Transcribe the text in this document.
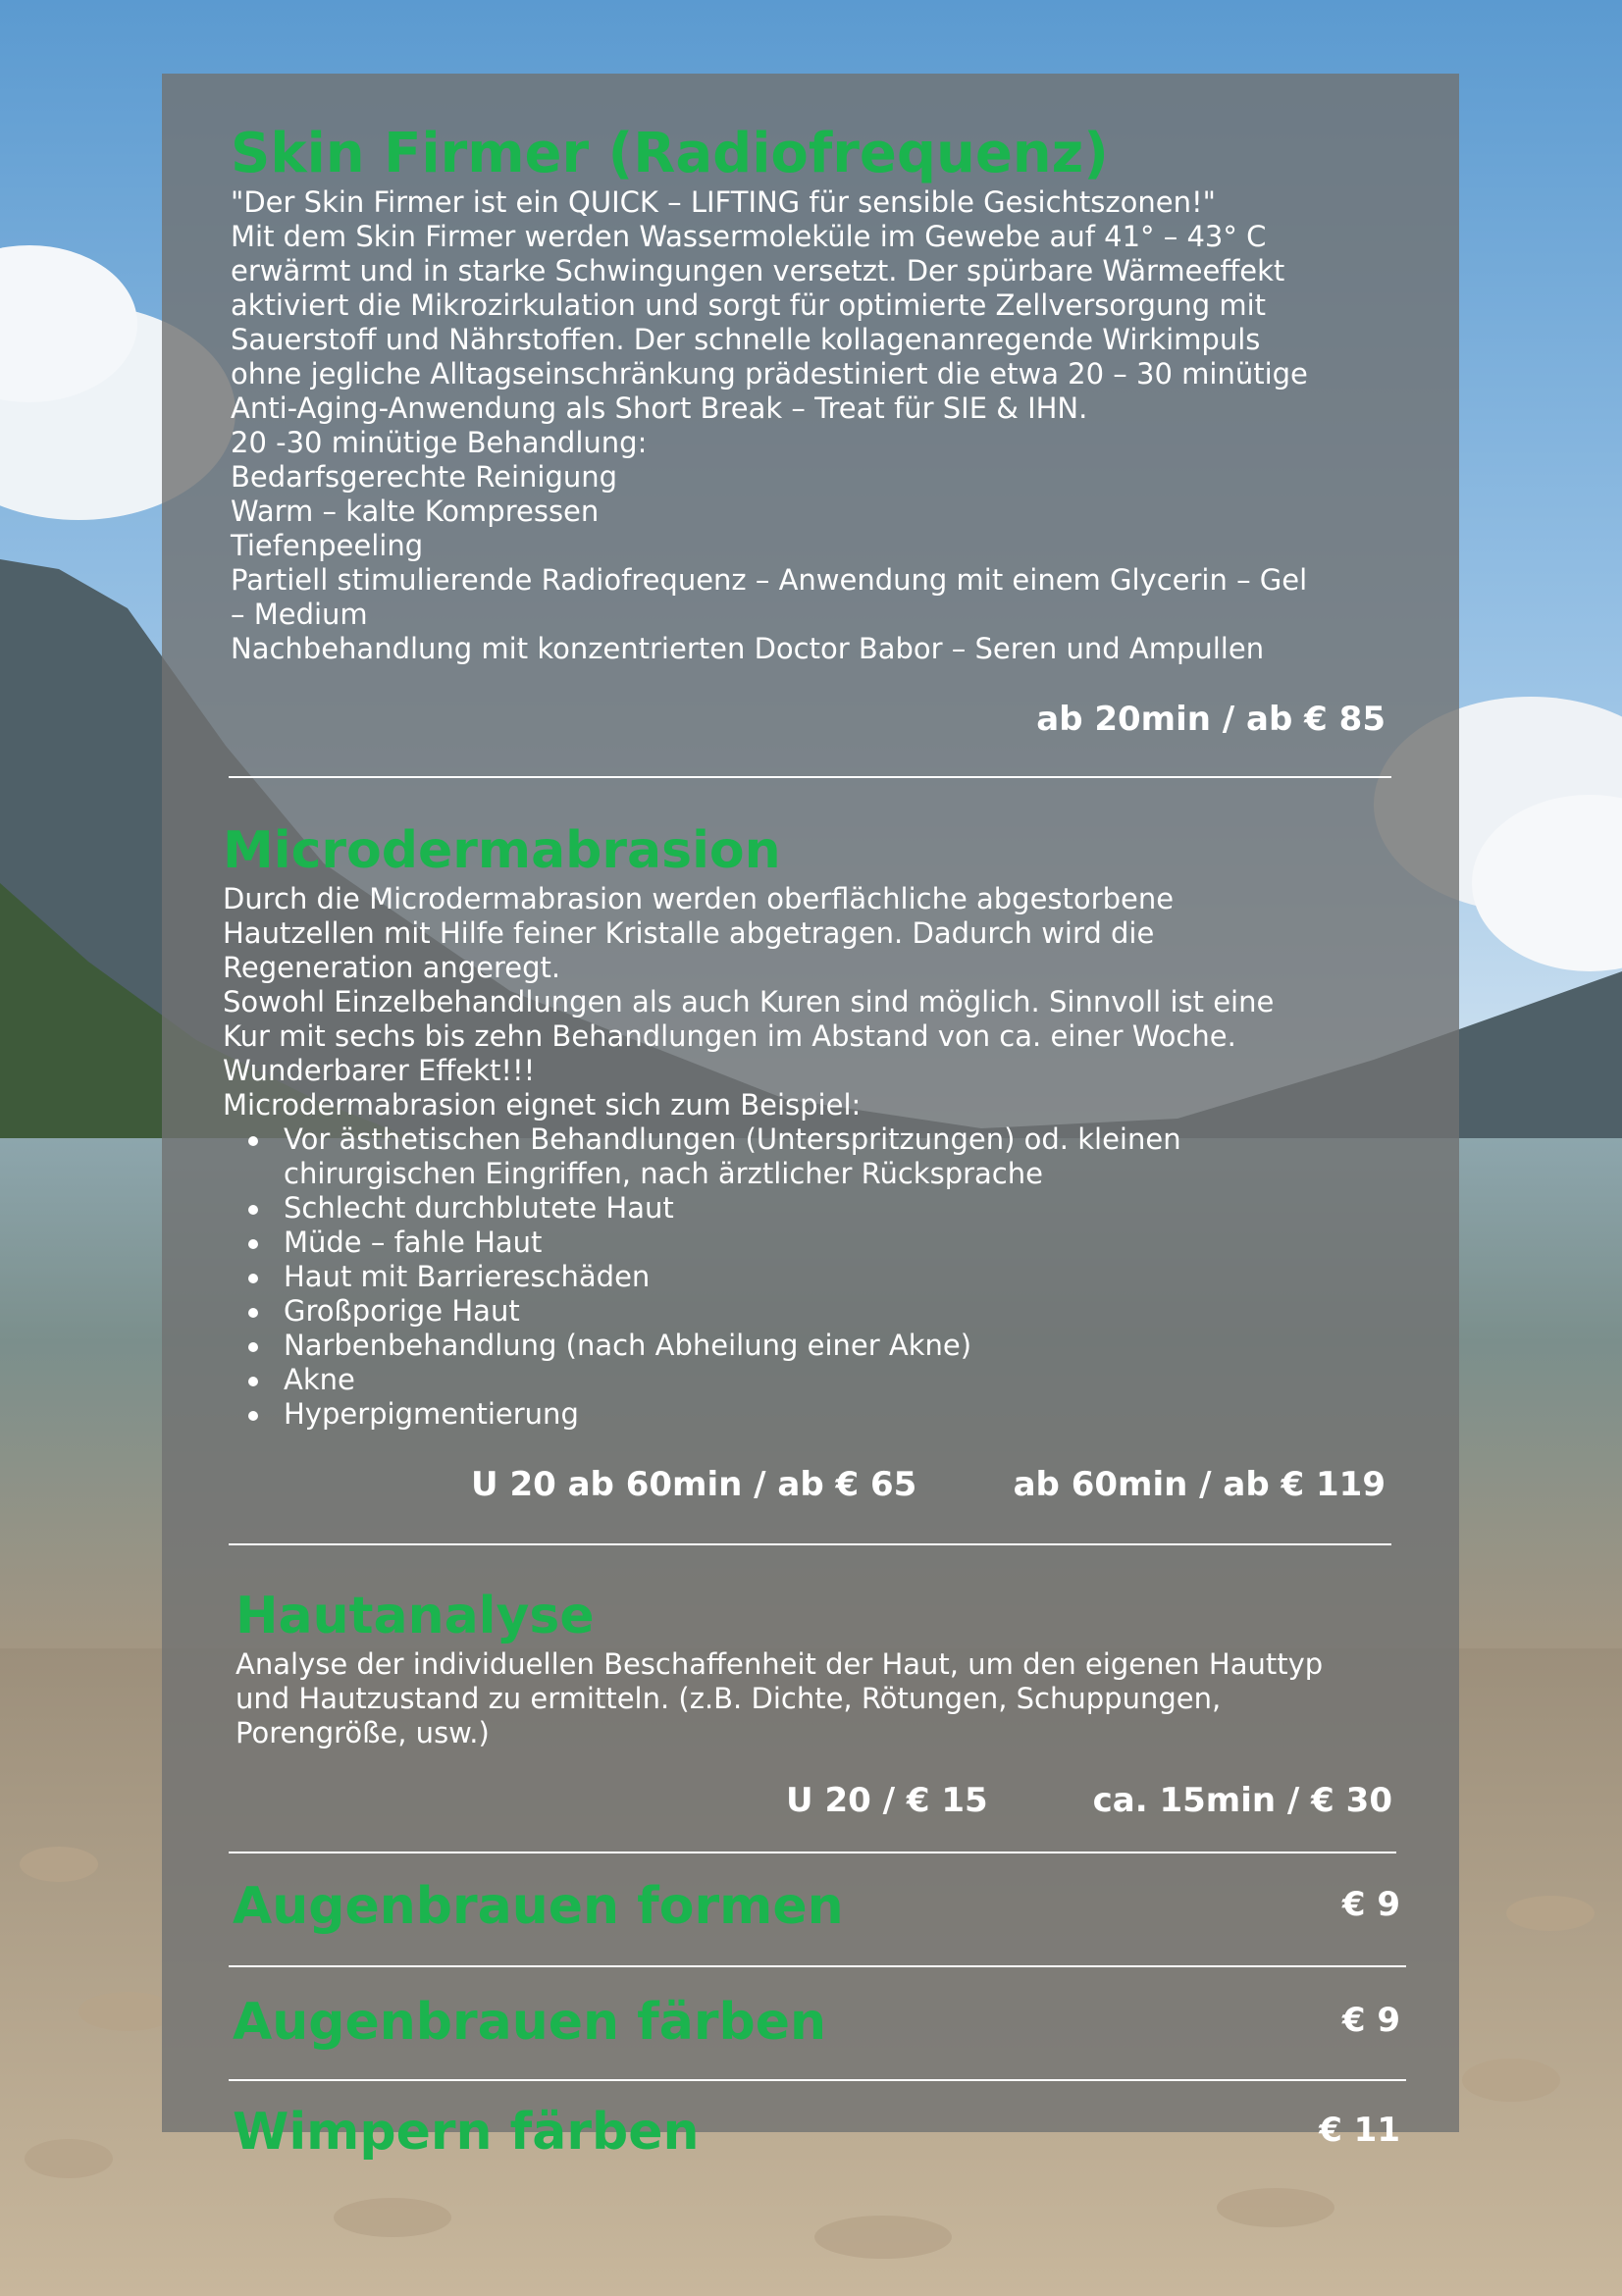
Skin Firmer (Radiofrequenz)

"Der Skin Firmer ist ein QUICK – LIFTING für sensible Gesichtszonen!"

Mit dem Skin Firmer werden Wassermoleküle im Gewebe auf 41° – 43° C

erwärmt und in starke Schwingungen versetzt. Der spürbare Wärmeeffekt

aktiviert die Mikrozirkulation und sorgt für optimierte Zellversorgung mit

Sauerstoff und Nährstoffen. Der schnelle kollagenanregende Wirkimpuls

ohne jegliche Alltagseinschränkung prädestiniert die etwa 20 – 30 minütige

Anti-Aging-Anwendung als Short Break – Treat für SIE & IHN.

20 -30 minütige Behandlung:

Bedarfsgerechte Reinigung

Warm – kalte Kompressen

Tiefenpeeling

Partiell stimulierende Radiofrequenz – Anwendung mit einem Glycerin – Gel

– Medium

Nachbehandlung mit konzentrierten Doctor Babor – Seren und Ampullen

ab 20min / ab € 85
Microdermabrasion

Durch die Microdermabrasion werden oberflächliche abgestorbene

Hautzellen mit Hilfe feiner Kristalle abgetragen. Dadurch wird die

Regeneration angeregt.

Sowohl Einzelbehandlungen als auch Kuren sind möglich. Sinnvoll ist eine

Kur mit sechs bis zehn Behandlungen im Abstand von ca. einer Woche.

Wunderbarer Effekt!!!

Microdermabrasion eignet sich zum Beispiel:

Vor ästhetischen Behandlungen (Unterspritzungen) od. kleinen chirurgischen Eingriffen, nach ärztlicher Rücksprache
Schlecht durchblutete Haut
Müde – fahle Haut
Haut mit Barriereschäden
Großporige Haut
Narbenbehandlung (nach Abheilung einer Akne)
Akne
Hyperpigmentierung
U 20 ab 60min / ab € 65	ab 60min / ab € 119
Hautanalyse

Analyse der individuellen Beschaffenheit der Haut, um den eigenen Hauttyp

und Hautzustand zu ermitteln. (z.B. Dichte, Rötungen, Schuppungen,

Porengröße, usw.)

U 20 / € 15	ca. 15min / € 30
Augenbrauen formen	€ 9
Augenbrauen färben	€ 9
Wimpern färben	€ 11
